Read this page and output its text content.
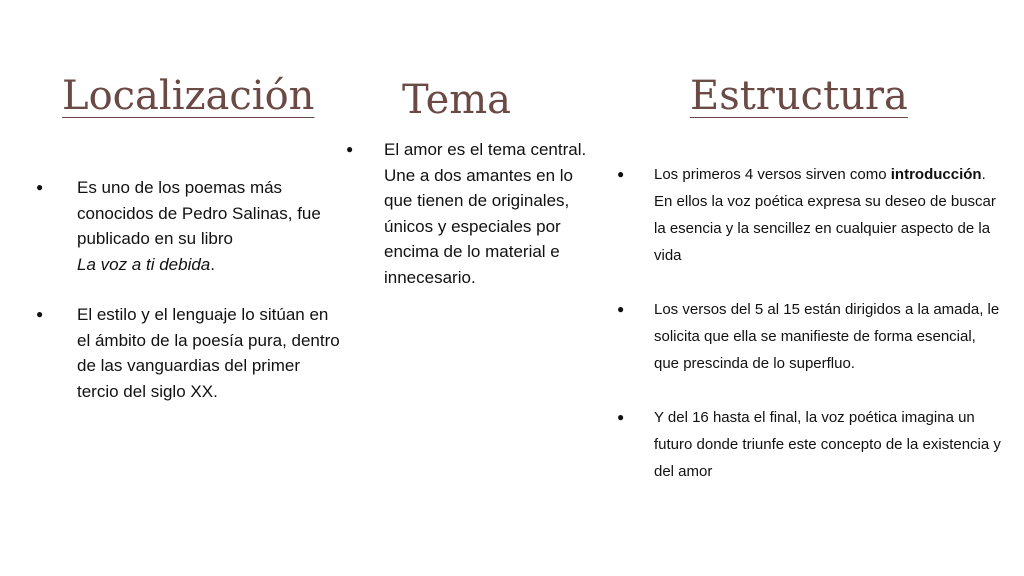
Localización Tema	Estructura
● Es uno de los poemas más conocidos de Pedro Salinas, fue publicado en su libro
La voz a ti debida.
● El estilo y el lenguaje lo sitúan en el ámbito de la poesía pura, dentro de las vanguardias del primer tercio del siglo XX.
● El amor es el tema central. Une a dos amantes en lo que tienen de originales, únicos y especiales por encima de lo material e innecesario.
● Los primeros 4 versos sirven como introducción. En ellos la voz poética expresa su deseo de buscar la esencia y la sencillez en cualquier aspecto de la vida
● Los versos del 5 al 15 están dirigidos a la amada, le solicita que ella se manifieste de forma esencial, que prescinda de lo superfluo.
● Y del 16 hasta el final, la voz poética imagina un futuro donde triunfe este concepto de la existencia y del amor
